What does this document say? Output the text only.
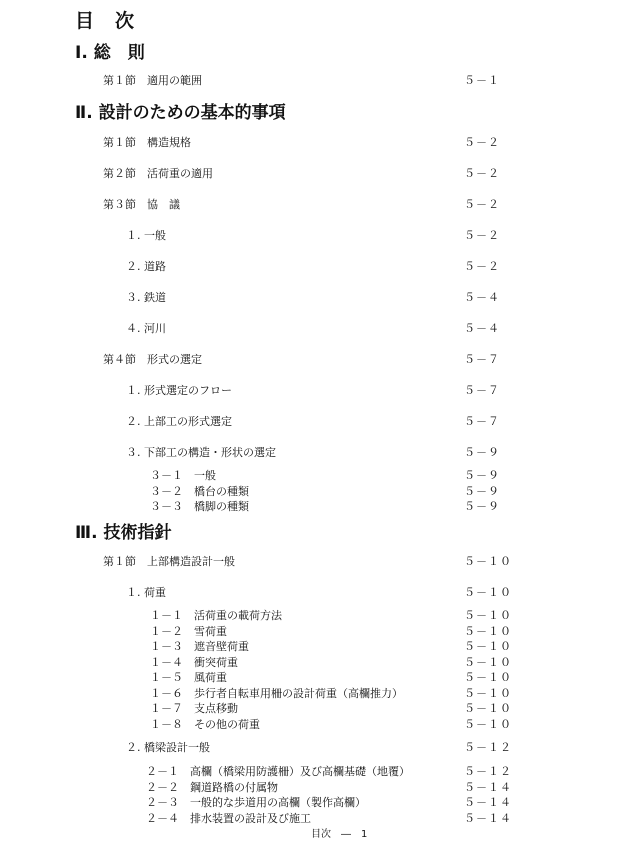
目　次
Ⅰ. 総　則
第１節　適用の範囲	５－１
Ⅱ. 設計のための基本的事項
第１節　構造規格	５－２
第２節　活荷重の適用	５－２
第３節　協　議	５－２
１. 一般	５－２
２. 道路	５－２
３. 鉄道	５－４
４. 河川	５－４
第４節　形式の選定	５－７
１. 形式選定のフロー	５－７
２. 上部工の形式選定	５－７
３. 下部工の構造・形状の選定	５－９
３－１　一般	５－９
３－２　橋台の種類	５－９
３－３　橋脚の種類	５－９
Ⅲ. 技術指針
第１節　上部構造設計一般	５－１０
１. 荷重	５－１０
１－１　活荷重の載荷方法	５－１０
１－２　雪荷重	５－１０
１－３　遮音壁荷重	５－１０
１－４　衝突荷重	５－１０
１－５　風荷重	５－１０
１－６　歩行者自転車用柵の設計荷重（高欄推力）	５－１０
１－７　支点移動	５－１０
１－８　その他の荷重	５－１０
２. 橋梁設計一般	５－１２
２－１　高欄（橋梁用防護柵）及び高欄基礎（地覆）	５－１２
２－２　鋼道路橋の付属物	５－１４
２－３　一般的な歩道用の高欄（製作高欄）	５－１４
２－４　排水装置の設計及び施工	５－１４
目次　―　1
